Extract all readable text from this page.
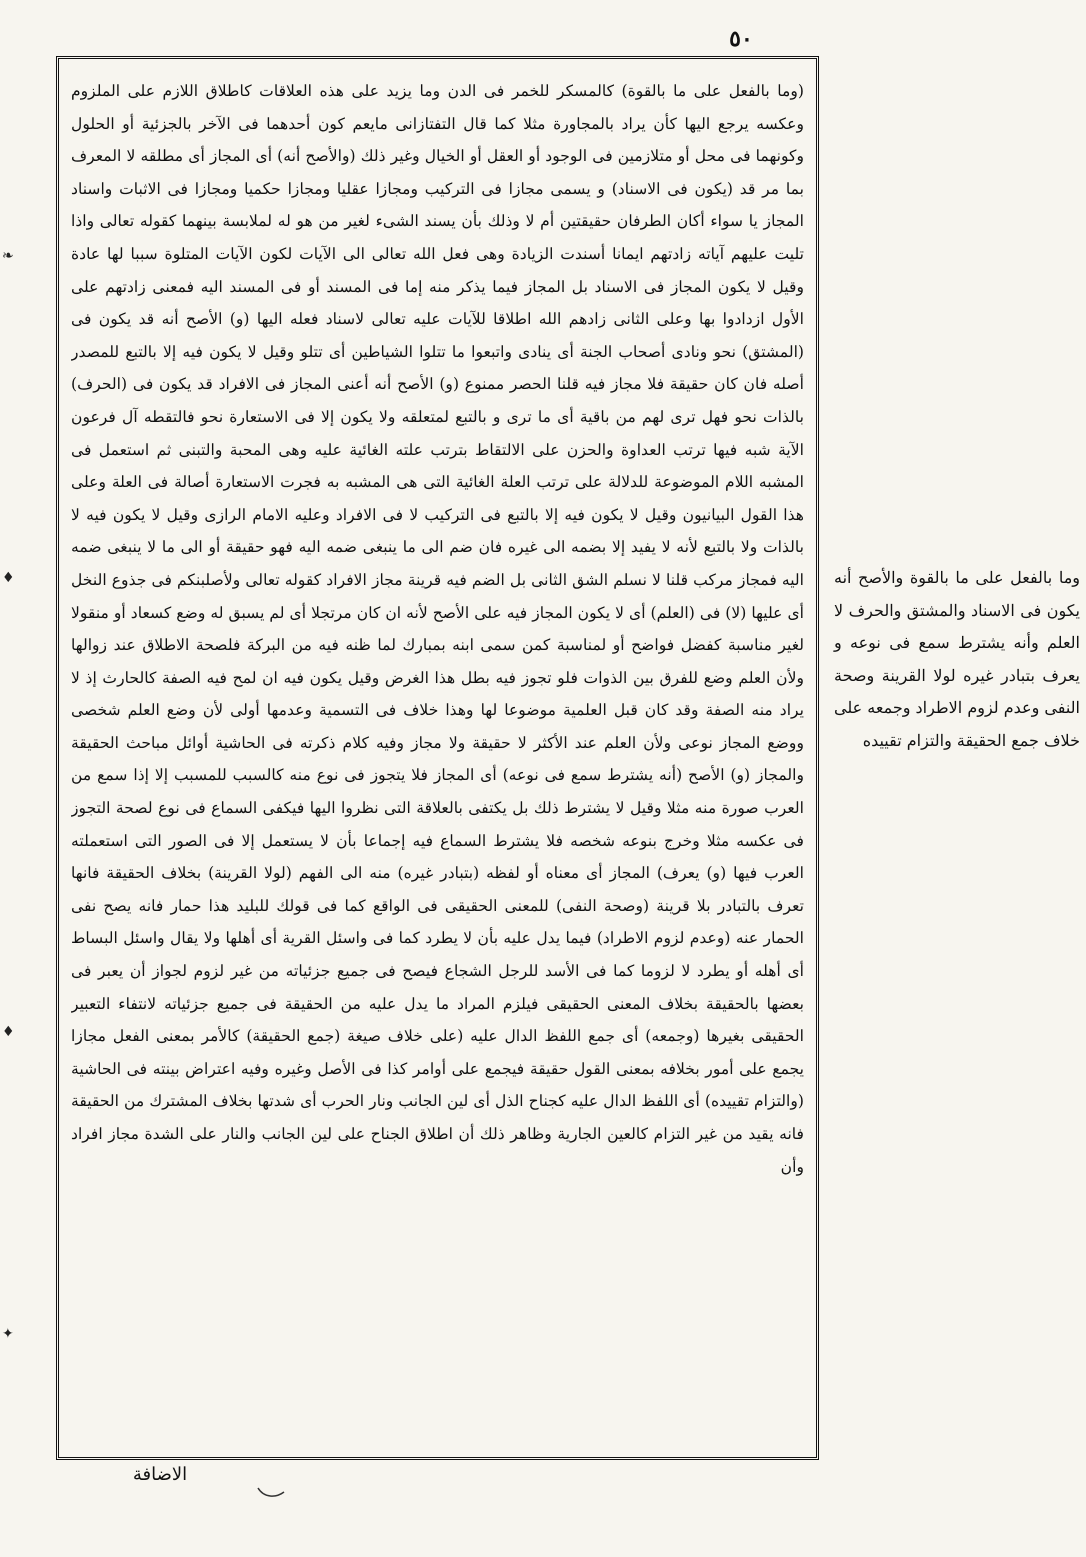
٥٠
❧
♦
♦
✦

(وما بالفعل على ما بالقوة) كالمسكر للخمر فى الدن وما يزيد على هذه العلاقات كاطلاق اللازم على الملزوم وعكسه يرجع اليها كأن يراد بالمجاورة مثلا كما قال التفتازانى مايعم كون أحدهما فى الآخر بالجزئية أو الحلول وكونهما فى محل أو متلازمين فى الوجود أو العقل أو الخيال وغير ذلك (والأصح أنه) أى المجاز أى مطلقه لا المعرف بما مر قد (يكون فى الاسناد) و يسمى مجازا فى التركيب ومجازا عقليا ومجازا حكميا ومجازا فى الاثبات واسناد المجاز يا سواء أكان الطرفان حقيقتين أم لا وذلك بأن يسند الشىء لغير من هو له لملابسة بينهما كقوله تعالى واذا تليت عليهم آياته زادتهم ايمانا أسندت الزيادة وهى فعل الله تعالى الى الآيات لكون الآيات المتلوة سببا لها عادة وقيل لا يكون المجاز فى الاسناد بل المجاز فيما يذكر منه إما فى المسند أو فى المسند اليه فمعنى زادتهم على الأول ازدادوا بها وعلى الثانى زادهم الله اطلاقا للآيات عليه تعالى لاسناد فعله اليها (و) الأصح أنه قد يكون فى (المشتق) نحو ونادى أصحاب الجنة أى ينادى واتبعوا ما تتلوا الشياطين أى تتلو وقيل لا يكون فيه إلا بالتبع للمصدر أصله فان كان حقيقة فلا مجاز فيه قلنا الحصر ممنوع (و) الأصح أنه أعنى المجاز فى الافراد قد يكون فى (الحرف) بالذات نحو فهل ترى لهم من باقية أى ما ترى و بالتبع لمتعلقه ولا يكون إلا فى الاستعارة نحو فالتقطه آل فرعون الآية شبه فيها ترتب العداوة والحزن على الالتقاط بترتب علته الغائية عليه وهى المحبة والتبنى ثم استعمل فى المشبه اللام الموضوعة للدلالة على ترتب العلة الغائية التى هى المشبه به فجرت الاستعارة أصالة فى العلة وعلى هذا القول البيانيون وقيل لا يكون فيه إلا بالتبع فى التركيب لا فى الافراد وعليه الامام الرازى وقيل لا يكون فيه لا بالذات ولا بالتبع لأنه لا يفيد إلا بضمه الى غيره فان ضم الى ما ينبغى ضمه اليه فهو حقيقة أو الى ما لا ينبغى ضمه اليه فمجاز مركب قلنا لا نسلم الشق الثانى بل الضم فيه قرينة مجاز الافراد كقوله تعالى ولأصلبنكم فى جذوع النخل أى عليها (لا) فى (العلم) أى لا يكون المجاز فيه على الأصح لأنه ان كان مرتجلا أى لم يسبق له وضع كسعاد أو منقولا لغير مناسبة كفضل فواضح أو لمناسبة كمن سمى ابنه بمبارك لما ظنه فيه من البركة فلصحة الاطلاق عند زوالها ولأن العلم وضع للفرق بين الذوات فلو تجوز فيه بطل هذا الغرض وقيل يكون فيه ان لمح فيه الصفة كالحارث إذ لا يراد منه الصفة وقد كان قبل العلمية موضوعا لها وهذا خلاف فى التسمية وعدمها أولى لأن وضع العلم شخصى ووضع المجاز نوعى ولأن العلم عند الأكثر لا حقيقة ولا مجاز وفيه كلام ذكرته فى الحاشية أوائل مباحث الحقيقة والمجاز (و) الأصح (أنه يشترط سمع فى نوعه) أى المجاز فلا يتجوز فى نوع منه كالسبب للمسبب إلا إذا سمع من العرب صورة منه مثلا وقيل لا يشترط ذلك بل يكتفى بالعلاقة التى نظروا اليها فيكفى السماع فى نوع لصحة التجوز فى عكسه مثلا وخرج بنوعه شخصه فلا يشترط السماع فيه إجماعا بأن لا يستعمل إلا فى الصور التى استعملته العرب فيها (و) يعرف) المجاز أى معناه أو لفظه (بتبادر غيره) منه الى الفهم (لولا القرينة) بخلاف الحقيقة فانها تعرف بالتبادر بلا قرينة (وصحة النفى) للمعنى الحقيقى فى الواقع كما فى قولك للبليد هذا حمار فانه يصح نفى الحمار عنه (وعدم لزوم الاطراد) فيما يدل عليه بأن لا يطرد كما فى واسئل القرية أى أهلها ولا يقال واسئل البساط أى أهله أو يطرد لا لزوما كما فى الأسد للرجل الشجاع فيصح فى جميع جزئياته من غير لزوم لجواز أن يعبر فى بعضها بالحقيقة بخلاف المعنى الحقيقى فيلزم المراد ما يدل عليه من الحقيقة فى جميع جزئياته لانتفاء التعبير الحقيقى بغيرها (وجمعه) أى جمع اللفظ الدال عليه (على خلاف صيغة (جمع الحقيقة) كالأمر بمعنى الفعل مجازا يجمع على أمور بخلافه بمعنى القول حقيقة فيجمع على أوامر كذا فى الأصل وغيره وفيه اعتراض بينته فى الحاشية (والتزام تقييده) أى اللفظ الدال عليه كجناح الذل أى لين الجانب ونار الحرب أى شدتها بخلاف المشترك من الحقيقة فانه يقيد من غير التزام كالعين الجارية وظاهر ذلك أن اطلاق الجناح على لين الجانب والنار على الشدة مجاز افراد وأن

وما بالفعل على ما بالقوة والأصح أنه يكون فى الاسناد والمشتق والحرف لا العلم وأنه يشترط سمع فى نوعه و يعرف بتبادر غيره لولا القرينة وصحة النفى وعدم لزوم الاطراد وجمعه على خلاف جمع الحقيقة والتزام تقييده
الاضافة
